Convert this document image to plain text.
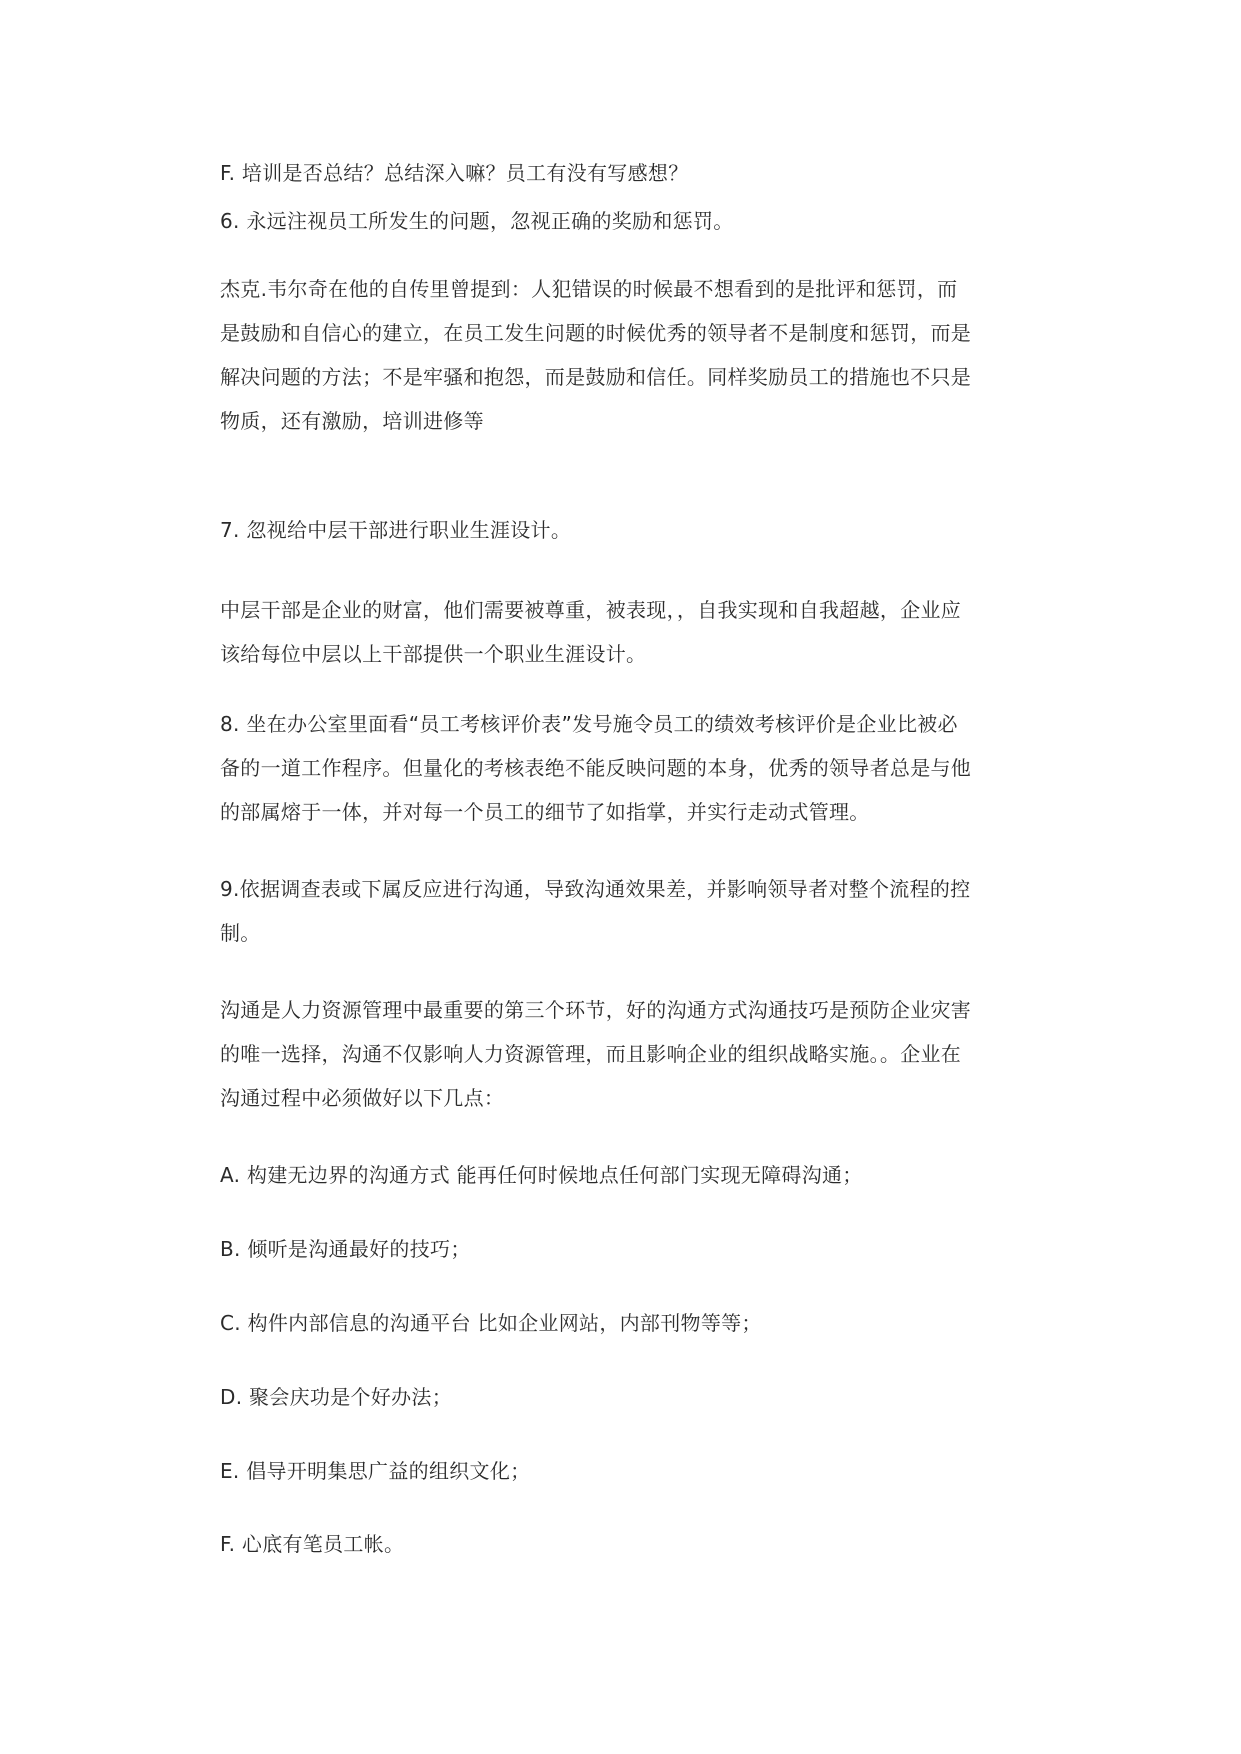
F. 培训是否总结？总结深入嘛？员工有没有写感想？

6. 永远注视员工所发生的问题，忽视正确的奖励和惩罚。

杰克.韦尔奇在他的自传里曾提到：人犯错误的时候最不想看到的是批评和惩罚，而
是鼓励和自信心的建立，在员工发生问题的时候优秀的领导者不是制度和惩罚，而是
解决问题的方法；不是牢骚和抱怨，而是鼓励和信任。同样奖励员工的措施也不只是
物质，还有激励，培训进修等

7. 忽视给中层干部进行职业生涯设计。

中层干部是企业的财富，他们需要被尊重，被表现，，自我实现和自我超越，企业应
该给每位中层以上干部提供一个职业生涯设计。

8. 坐在办公室里面看“员工考核评价表”发号施令员工的绩效考核评价是企业比被必
备的一道工作程序。但量化的考核表绝不能反映问题的本身，优秀的领导者总是与他
的部属熔于一体，并对每一个员工的细节了如指掌，并实行走动式管理。

9.依据调查表或下属反应进行沟通，导致沟通效果差，并影响领导者对整个流程的控
制。

沟通是人力资源管理中最重要的第三个环节，好的沟通方式沟通技巧是预防企业灾害
的唯一选择，沟通不仅影响人力资源管理，而且影响企业的组织战略实施。。企业在
沟通过程中必须做好以下几点：

A. 构建无边界的沟通方式 能再任何时候地点任何部门实现无障碍沟通；

B. 倾听是沟通最好的技巧；

C. 构件内部信息的沟通平台 比如企业网站，内部刊物等等；

D. 聚会庆功是个好办法；

E. 倡导开明集思广益的组织文化；

F. 心底有笔员工帐。
